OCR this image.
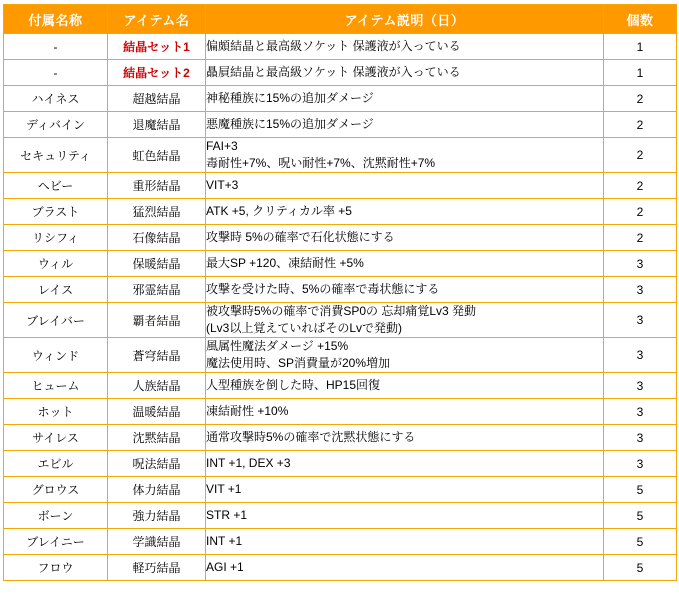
付属名称	アイテム名	アイテム説明（日）	個数
-	結晶セット1	偏頗結晶と最高級ソケット 保護液が入っている	1
-	結晶セット2	贔屓結晶と最高級ソケット 保護液が入っている	1
ハイネス	超越結晶	神秘種族に15%の追加ダメージ	2
ディバイン	退魔結晶	悪魔種族に15%の追加ダメージ	2
セキュリティ	虹色結晶	FAI+3
毒耐性+7%、呪い耐性+7%、沈黙耐性+7%	2
ヘビー	重形結晶	VIT+3	2
ブラスト	猛烈結晶	ATK +5, クリティカル率 +5	2
リシフィ	石像結晶	攻撃時 5%の確率で石化状態にする	2
ウィル	保暖結晶	最大SP +120、凍結耐性 +5%	3
レイス	邪霊結晶	攻撃を受けた時、5%の確率で毒状態にする	3
ブレイバー	覇者結晶	被攻撃時5%の確率で消費SP0の 忘却痛覚Lv3 発動
(Lv3以上覚えていればそのLvで発動)	3
ウィンド	蒼穹結晶	風属性魔法ダメージ +15%
魔法使用時、SP消費量が20%増加	3
ヒューム	人族結晶	人型種族を倒した時、HP15回復	3
ホット	温暖結晶	凍結耐性 +10%	3
サイレス	沈黙結晶	通常攻撃時5%の確率で沈黙状態にする	3
エビル	呪法結晶	INT +1, DEX +3	3
グロウス	体力結晶	VIT +1	5
ボーン	強力結晶	STR +1	5
ブレイニー	学識結晶	INT +1	5
フロウ	軽巧結晶	AGI +1	5
